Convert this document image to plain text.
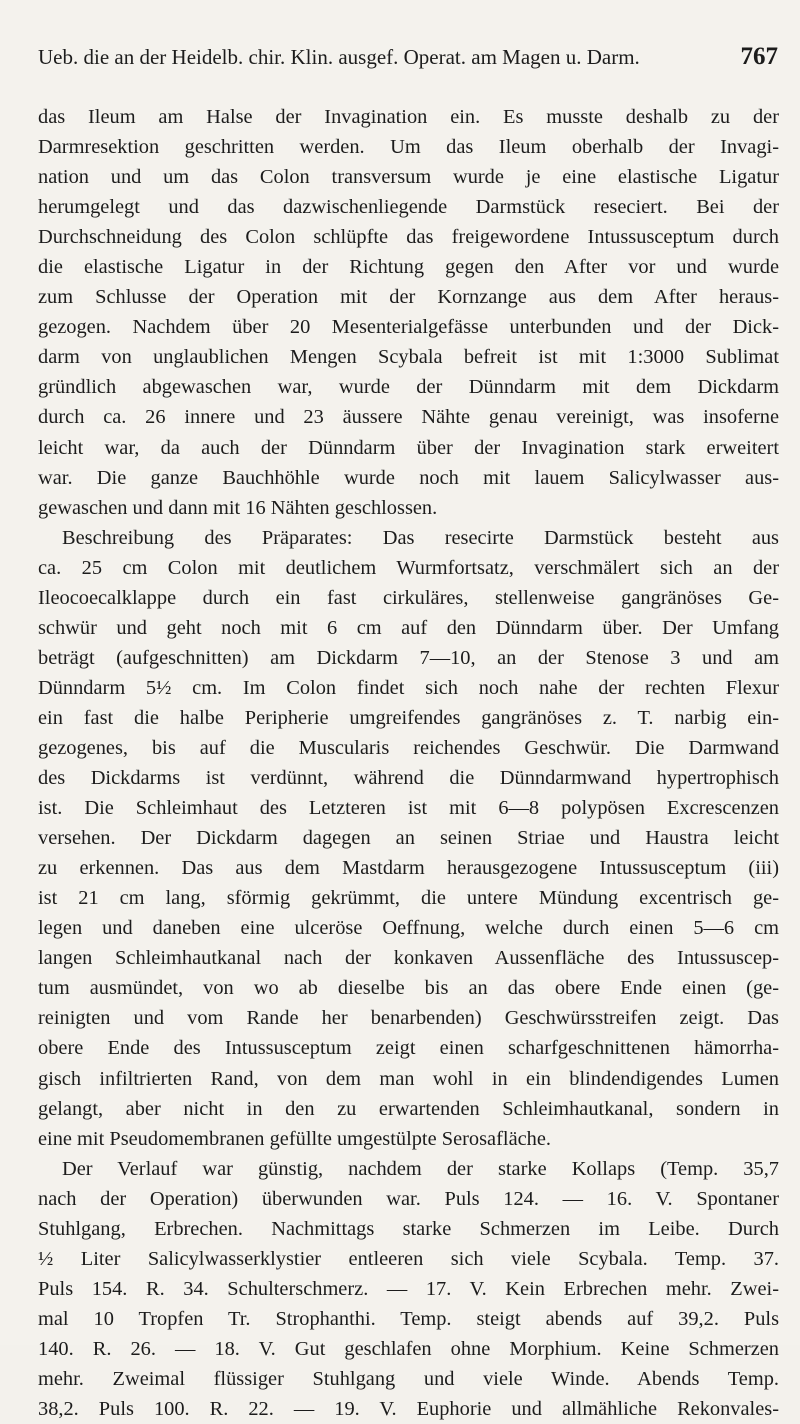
Ueb. die an der Heidelb. chir. Klin. ausgef. Operat. am Magen u. Darm.	767
das Ileum am Halse der Invagination ein. Es musste deshalb zu der
Darmresektion geschritten werden. Um das Ileum oberhalb der Invagi-
nation und um das Colon transversum wurde je eine elastische Ligatur
herumgelegt und das dazwischenliegende Darmstück reseciert. Bei der
Durchschneidung des Colon schlüpfte das freigewordene Intussusceptum durch
die elastische Ligatur in der Richtung gegen den After vor und wurde
zum Schlusse der Operation mit der Kornzange aus dem After heraus-
gezogen. Nachdem über 20 Mesenterialgefässe unterbunden und der Dick-
darm von unglaublichen Mengen Scybala befreit ist mit 1:3000 Sublimat
gründlich abgewaschen war, wurde der Dünndarm mit dem Dickdarm
durch ca. 26 innere und 23 äussere Nähte genau vereinigt, was insoferne
leicht war, da auch der Dünndarm über der Invagination stark erweitert
war. Die ganze Bauchhöhle wurde noch mit lauem Salicylwasser aus-
gewaschen und dann mit 16 Nähten geschlossen.
Beschreibung des Präparates: Das resecirte Darmstück besteht aus
ca. 25 cm Colon mit deutlichem Wurmfortsatz, verschmälert sich an der
Ileocoecalklappe durch ein fast cirkuläres, stellenweise gangränöses Ge-
schwür und geht noch mit 6 cm auf den Dünndarm über. Der Umfang
beträgt (aufgeschnitten) am Dickdarm 7—10, an der Stenose 3 und am
Dünndarm 5½ cm. Im Colon findet sich noch nahe der rechten Flexur
ein fast die halbe Peripherie umgreifendes gangränöses z. T. narbig ein-
gezogenes, bis auf die Muscularis reichendes Geschwür. Die Darmwand
des Dickdarms ist verdünnt, während die Dünndarmwand hypertrophisch
ist. Die Schleimhaut des Letzteren ist mit 6—8 polypösen Excrescenzen
versehen. Der Dickdarm dagegen an seinen Striae und Haustra leicht
zu erkennen. Das aus dem Mastdarm herausgezogene Intussusceptum (iii)
ist 21 cm lang, sförmig gekrümmt, die untere Mündung excentrisch ge-
legen und daneben eine ulceröse Oeffnung, welche durch einen 5—6 cm
langen Schleimhautkanal nach der konkaven Aussenfläche des Intussuscep-
tum ausmündet, von wo ab dieselbe bis an das obere Ende einen (ge-
reinigten und vom Rande her benarbenden) Geschwürsstreifen zeigt. Das
obere Ende des Intussusceptum zeigt einen scharfgeschnittenen hämorrha-
gisch infiltrierten Rand, von dem man wohl in ein blindendigendes Lumen
gelangt, aber nicht in den zu erwartenden Schleimhautkanal, sondern in
eine mit Pseudomembranen gefüllte umgestülpte Serosafläche.
Der Verlauf war günstig, nachdem der starke Kollaps (Temp. 35,7
nach der Operation) überwunden war. Puls 124. — 16. V. Spontaner
Stuhlgang, Erbrechen. Nachmittags starke Schmerzen im Leibe. Durch
½ Liter Salicylwasserklystier entleeren sich viele Scybala. Temp. 37.
Puls 154. R. 34. Schulterschmerz. — 17. V. Kein Erbrechen mehr. Zwei-
mal 10 Tropfen Tr. Strophanthi. Temp. steigt abends auf 39,2. Puls
140. R. 26. — 18. V. Gut geschlafen ohne Morphium. Keine Schmerzen
mehr. Zweimal flüssiger Stuhlgang und viele Winde. Abends Temp.
38,2. Puls 100. R. 22. — 19. V. Euphorie und allmähliche Rekonvales-
